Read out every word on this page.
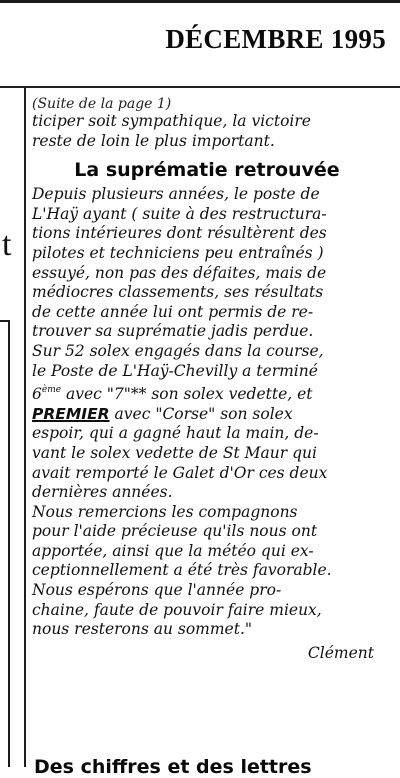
DÉCEMBRE 1995
t
(Suite de la page 1)

ticiper soit sympathique, la victoire
reste de loin le plus important.

La suprématie retrouvée

Depuis plusieurs années, le poste de
L'Haÿ ayant ( suite à des restructura-
tions intérieures dont résultèrent des
pilotes et techniciens peu entraînés )
essuyé, non pas des défaites, mais de
médiocres classements, ses résultats
de cette année lui ont permis de re-
trouver sa suprématie jadis perdue.

Sur 52 solex engagés dans la course,
le Poste de L'Haÿ-Chevilly a terminé
6ème avec "7"** son solex vedette, et
PREMIER avec "Corse" son solex
espoir, qui a gagné haut la main, de-
vant le solex vedette de St Maur qui
avait remporté le Galet d'Or ces deux
dernières années.

Nous remercions les compagnons
pour l'aide précieuse qu'ils nous ont
apportée, ainsi que la météo qui ex-
ceptionnellement a été très favorable.
Nous espérons que l'année pro-
chaine, faute de pouvoir faire mieux,
nous resterons au sommet."

Clément
Des chiffres et des lettres
